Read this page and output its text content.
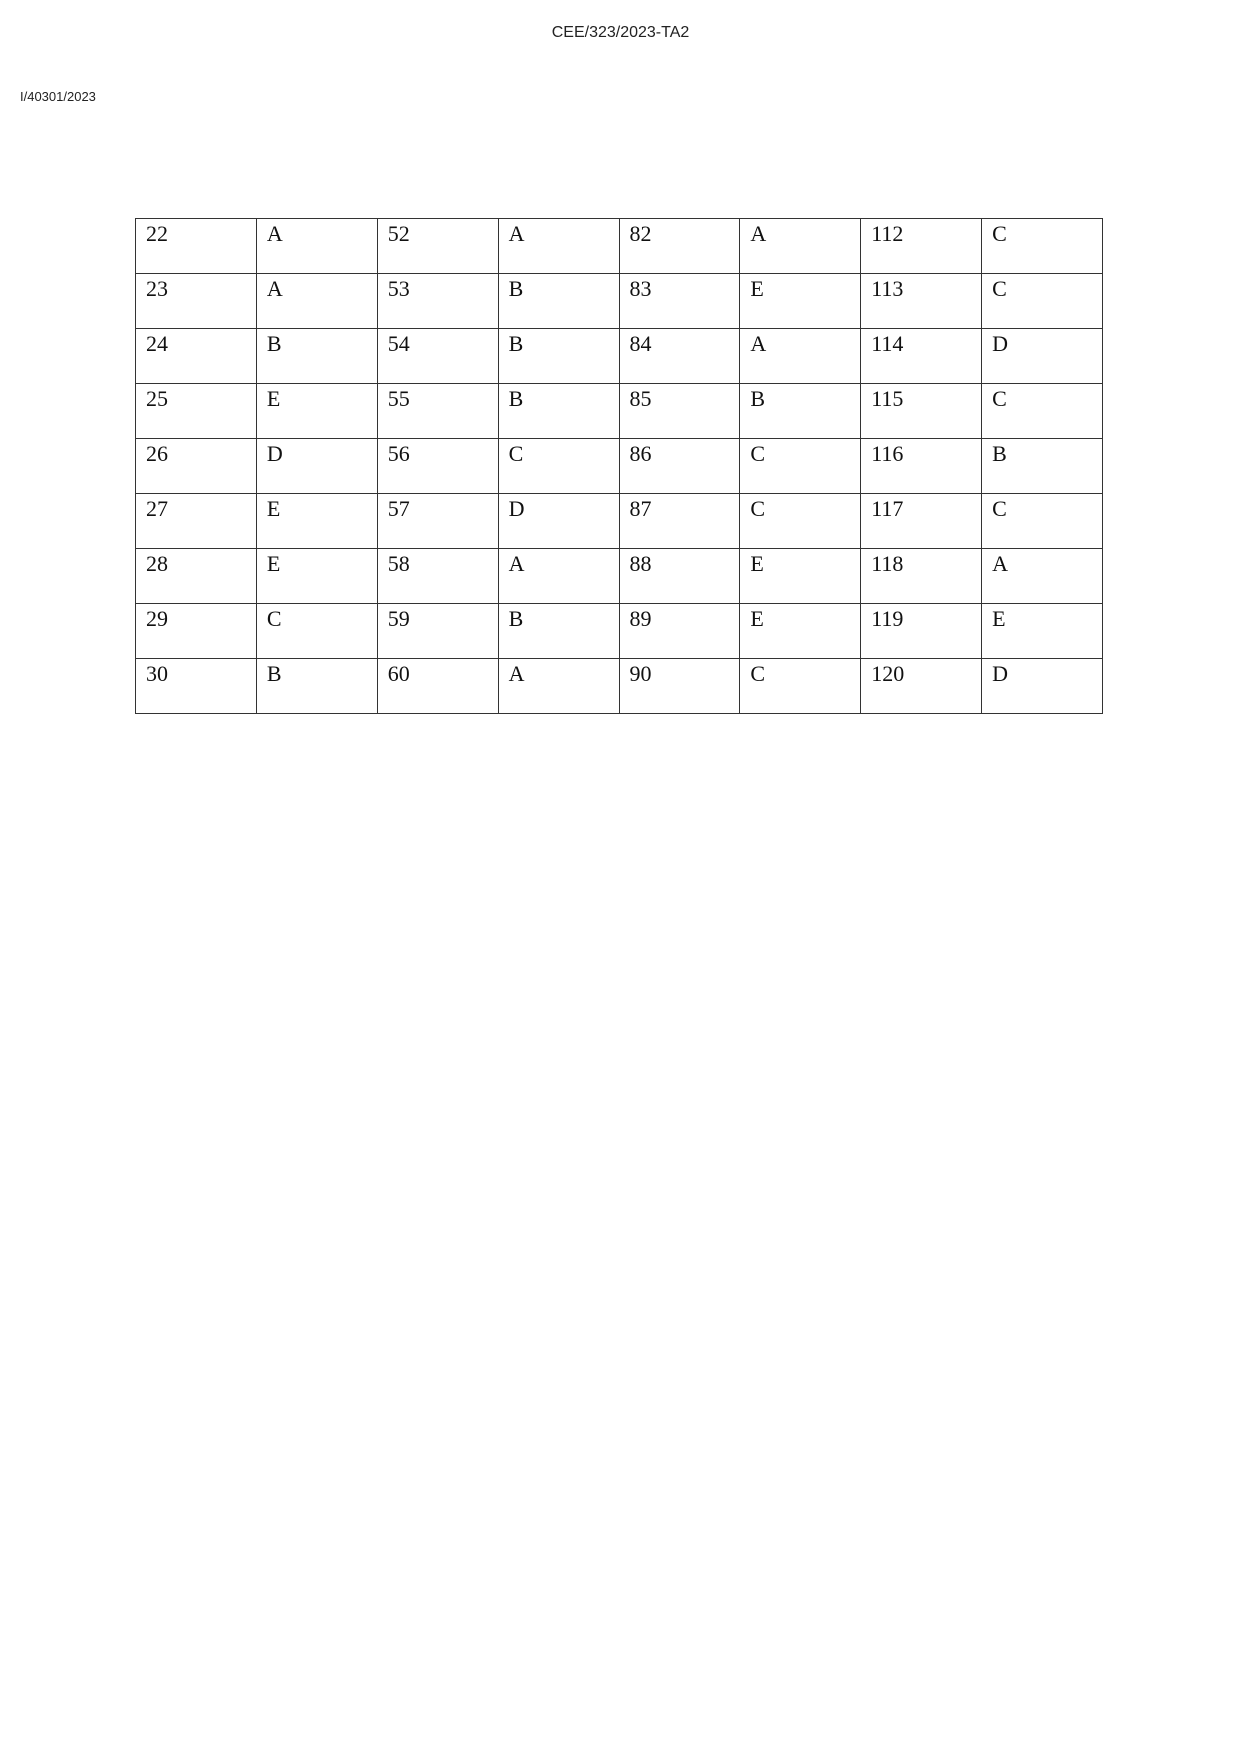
CEE/323/2023-TA2
I/40301/2023
22	A	52	A	82	A	112	C
23	A	53	B	83	E	113	C
24	B	54	B	84	A	114	D
25	E	55	B	85	B	115	C
26	D	56	C	86	C	116	B
27	E	57	D	87	C	117	C
28	E	58	A	88	E	118	A
29	C	59	B	89	E	119	E
30	B	60	A	90	C	120	D
